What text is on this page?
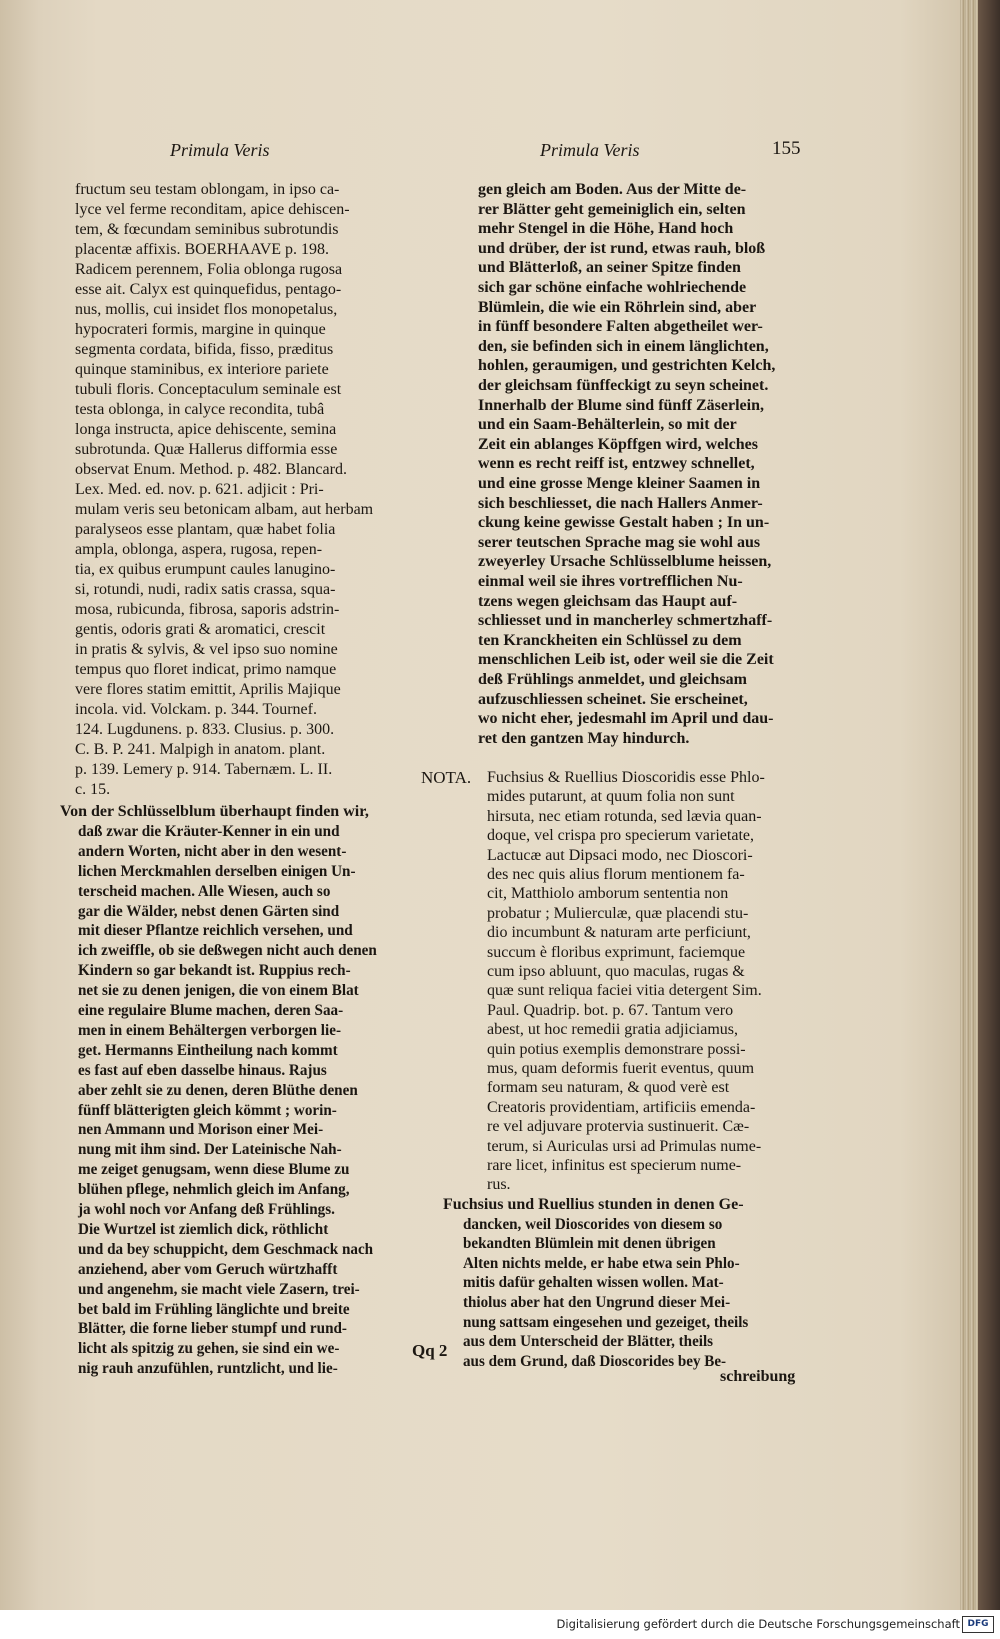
Primula Veris	Primula Veris	155
fructum seu testam oblongam, in ipso ca-
lyce vel ferme reconditam, apice dehiscen-
tem, & fœcundam seminibus subrotundis
placentæ affixis. BOERHAAVE p. 198.
Radicem perennem, Folia oblonga rugosa
esse ait. Calyx est quinquefidus, pentago-
nus, mollis, cui insidet flos monopetalus,
hypocrateri formis, margine in quinque
segmenta cordata, bifida, fisso, præditus
quinque staminibus, ex interiore pariete
tubuli floris. Conceptaculum seminale est
testa oblonga, in calyce recondita, tubâ
longa instructa, apice dehiscente, semina
subrotunda. Quæ Hallerus difformia esse
observat Enum. Method. p. 482. Blancard.
Lex. Med. ed. nov. p. 621. adjicit : Pri-
mulam veris seu betonicam albam, aut herbam
paralyseos esse plantam, quæ habet folia
ampla, oblonga, aspera, rugosa, repen-
tia, ex quibus erumpunt caules lanugino-
si, rotundi, nudi, radix satis crassa, squa-
mosa, rubicunda, fibrosa, saporis adstrin-
gentis, odoris grati & aromatici, crescit
in pratis & sylvis, & vel ipso suo nomine
tempus quo floret indicat, primo namque
vere flores statim emittit, Aprilis Majique
incola. vid. Volckam. p. 344. Tournef.
124. Lugdunens. p. 833. Clusius. p. 300.
C. B. P. 241. Malpigh in anatom. plant.
p. 139. Lemery p. 914. Tabernæm. L. II.
c. 15.
Von der Schlüsselblum überhaupt finden wir,
daß zwar die Kräuter-Kenner in ein und
andern Worten, nicht aber in den wesent-
lichen Merckmahlen derselben einigen Un-
terscheid machen. Alle Wiesen, auch so
gar die Wälder, nebst denen Gärten sind
mit dieser Pflantze reichlich versehen, und
ich zweiffle, ob sie deßwegen nicht auch denen
Kindern so gar bekandt ist. Ruppius rech-
net sie zu denen jenigen, die von einem Blat
eine regulaire Blume machen, deren Saa-
men in einem Behältergen verborgen lie-
get. Hermanns Eintheilung nach kommt
es fast auf eben dasselbe hinaus. Rajus
aber zehlt sie zu denen, deren Blüthe denen
fünff blätterigten gleich kömmt ; worin-
nen Ammann und Morison einer Mei-
nung mit ihm sind. Der Lateinische Nah-
me zeiget genugsam, wenn diese Blume zu
blühen pflege, nehmlich gleich im Anfang,
ja wohl noch vor Anfang deß Frühlings.
Die Wurtzel ist ziemlich dick, röthlicht
und da bey schuppicht, dem Geschmack nach
anziehend, aber vom Geruch würtzhafft
und angenehm, sie macht viele Zasern, trei-
bet bald im Frühling länglichte und breite
Blätter, die forne lieber stumpf und rund-
licht als spitzig zu gehen, sie sind ein we-
nig rauh anzufühlen, runtzlicht, und lie-
gen gleich am Boden. Aus der Mitte de-
rer Blätter geht gemeiniglich ein, selten
mehr Stengel in die Höhe, Hand hoch
und drüber, der ist rund, etwas rauh, bloß
und Blätterloß, an seiner Spitze finden
sich gar schöne einfache wohlriechende
Blümlein, die wie ein Röhrlein sind, aber
in fünff besondere Falten abgetheilet wer-
den, sie befinden sich in einem länglichten,
hohlen, geraumigen, und gestrichten Kelch,
der gleichsam fünffeckigt zu seyn scheinet.
Innerhalb der Blume sind fünff Zäserlein,
und ein Saam-Behälterlein, so mit der
Zeit ein ablanges Köpffgen wird, welches
wenn es recht reiff ist, entzwey schnellet,
und eine grosse Menge kleiner Saamen in
sich beschliesset, die nach Hallers Anmer-
ckung keine gewisse Gestalt haben ; In un-
serer teutschen Sprache mag sie wohl aus
zweyerley Ursache Schlüsselblume heissen,
einmal weil sie ihres vortrefflichen Nu-
tzens wegen gleichsam das Haupt auf-
schliesset und in mancherley schmertzhaff-
ten Kranckheiten ein Schlüssel zu dem
menschlichen Leib ist, oder weil sie die Zeit
deß Frühlings anmeldet, und gleichsam
aufzuschliessen scheinet. Sie erscheinet,
wo nicht eher, jedesmahl im April und dau-
ret den gantzen May hindurch.
NOTA. Fuchsius & Ruellius Dioscoridis esse Phlo-
mides putarunt, at quum folia non sunt
hirsuta, nec etiam rotunda, sed lævia quan-
doque, vel crispa pro specierum varietate,
Lactucæ aut Dipsaci modo, nec Dioscori-
des nec quis alius florum mentionem fa-
cit, Matthiolo amborum sententia non
probatur ; Mulierculæ, quæ placendi stu-
dio incumbunt & naturam arte perficiunt,
succum è floribus exprimunt, faciemque
cum ipso abluunt, quo maculas, rugas &
quæ sunt reliqua faciei vitia detergent Sim.
Paul. Quadrip. bot. p. 67. Tantum vero
abest, ut hoc remedii gratia adjiciamus,
quin potius exemplis demonstrare possi-
mus, quam deformis fuerit eventus, quum
formam seu naturam, & quod verè est
Creatoris providentiam, artificiis emenda-
re vel adjuvare protervia sustinuerit. Cæ-
terum, si Auriculas ursi ad Primulas nume-
rare licet, infinitus est specierum nume-
rus.
Fuchsius und Ruellius stunden in denen Ge-
dancken, weil Dioscorides von diesem so
bekandten Blümlein mit denen übrigen
Alten nichts melde, er habe etwa sein Phlo-
mitis dafür gehalten wissen wollen. Mat-
thiolus aber hat den Ungrund dieser Mei-
nung sattsam eingesehen und gezeiget, theils
aus dem Unterscheid der Blätter, theils
aus dem Grund, daß Dioscorides bey Be-
Qq 2
schreibung
Digitalisierung gefördert durch die Deutsche Forschungsgemeinschaft DFG
